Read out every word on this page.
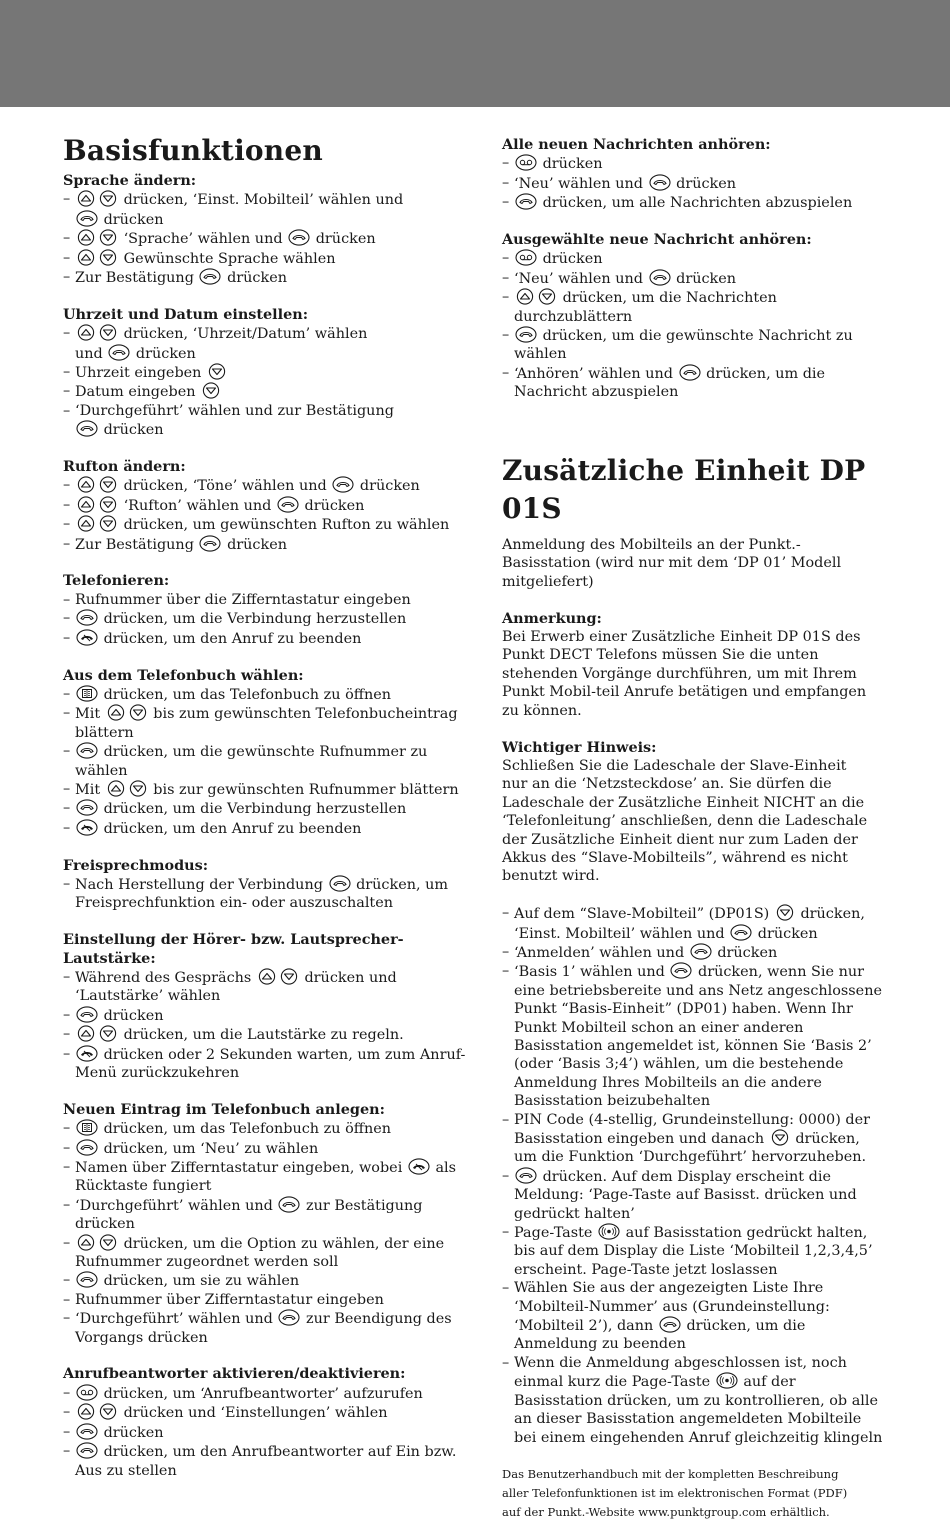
Basisfunktionen
Sprache ändern:
–	drücken, ‘Einst. Mobilteil’ wählen und
drücken
–	‘Sprache’ wählen und drücken
–	Gewünschte Sprache wählen
– Zur Bestätigung drücken
Uhrzeit und Datum einstellen:
–	drücken, ‘Uhrzeit/Datum’ wählen
und drücken
– Uhrzeit eingeben
– Datum eingeben
– ‘Durchgeführt’ wählen und zur Bestätigung
drücken
Rufton ändern:
–	drücken, ‘Töne’ wählen und drücken
–	‘Rufton’ wählen und drücken
–	drücken, um gewünschten Rufton zu wählen
– Zur Bestätigung drücken
Telefonieren:
– Rufnummer über die Zifferntastatur eingeben
– drücken, um die Verbindung herzustellen
– drücken, um den Anruf zu beenden
Aus dem Telefonbuch wählen:
– drücken, um das Telefonbuch zu öffnen
– Mit	bis zum gewünschten Telefonbucheintrag
blättern
– drücken, um die gewünschte Rufnummer zu
wählen
– Mit	bis zur gewünschten Rufnummer blättern
– drücken, um die Verbindung herzustellen
– drücken, um den Anruf zu beenden
Freisprechmodus:
– Nach Herstellung der Verbindung drücken, um
Freisprechfunktion ein- oder auszuschalten
Einstellung der Hörer- bzw. Lautsprecher-
Lautstärke:
– Während des Gesprächs	drücken und
‘Lautstärke’ wählen
– drücken
–	drücken, um die Lautstärke zu regeln.
– drücken oder 2 Sekunden warten, um zum Anruf-
Menü zurückzukehren
Neuen Eintrag im Telefonbuch anlegen:
– drücken, um das Telefonbuch zu öffnen
– drücken, um ‘Neu’ zu wählen
– Namen über Zifferntastatur eingeben, wobei als
Rücktaste fungiert
– ‘Durchgeführt’ wählen und zur Bestätigung
drücken
–	drücken, um die Option zu wählen, der eine
Rufnummer zugeordnet werden soll
– drücken, um sie zu wählen
– Rufnummer über Zifferntastatur eingeben
– ‘Durchgeführt’ wählen und zur Beendigung des
Vorgangs drücken
Anrufbeantworter aktivieren/deaktivieren:
– drücken, um ‘Anrufbeantworter’ aufzurufen
–	drücken und ‘Einstellungen’ wählen
– drücken
– drücken, um den Anrufbeantworter auf Ein bzw.
Aus zu stellen
Alle neuen Nachrichten anhören:
– drücken
– ‘Neu’ wählen und drücken
– drücken, um alle Nachrichten abzuspielen
Ausgewählte neue Nachricht anhören:
– drücken
– ‘Neu’ wählen und drücken
–	drücken, um die Nachrichten
durchzublättern
– drücken, um die gewünschte Nachricht zu
wählen
– ‘Anhören’ wählen und drücken, um die
Nachricht abzuspielen
Zusätzliche Einheit DP 01S
Anmeldung des Mobilteils an der Punkt.-
Basisstation (wird nur mit dem ‘DP 01’ Modell
mitgeliefert)
Anmerkung:
Bei Erwerb einer Zusätzliche Einheit DP 01S des
Punkt DECT Telefons müssen Sie die unten
stehenden Vorgänge durchführen, um mit Ihrem
Punkt Mobil-teil Anrufe betätigen und empfangen
zu können.
Wichtiger Hinweis:
Schließen Sie die Ladeschale der Slave-Einheit
nur an die ‘Netzsteckdose’ an. Sie dürfen die
Ladeschale der Zusätzliche Einheit NICHT an die
‘Telefonleitung’ anschließen, denn die Ladeschale
der Zusätzliche Einheit dient nur zum Laden der
Akkus des “Slave-Mobilteils”, während es nicht
benutzt wird.
– Auf dem “Slave-Mobilteil” (DP01S) drücken,
‘Einst. Mobilteil’ wählen und drücken
– ‘Anmelden’ wählen und drücken
– ‘Basis 1’ wählen und drücken, wenn Sie nur
eine betriebsbereite und ans Netz angeschlossene
Punkt “Basis-Einheit” (DP01) haben. Wenn Ihr
Punkt Mobilteil schon an einer anderen
Basisstation angemeldet ist, können Sie ‘Basis 2’
(oder ‘Basis 3;4’) wählen, um die bestehende
Anmeldung Ihres Mobilteils an die andere
Basisstation beizubehalten
– PIN Code (4-stellig, Grundeinstellung: 0000) der
Basisstation eingeben und danach drücken,
um die Funktion ‘Durchgeführt’ hervorzuheben.
– drücken. Auf dem Display erscheint die
Meldung: ‘Page-Taste auf Basisst. drücken und
gedrückt halten’
– Page-Taste auf Basisstation gedrückt halten,
bis auf dem Display die Liste ‘Mobilteil 1,2,3,4,5’
erscheint. Page-Taste jetzt loslassen
– Wählen Sie aus der angezeigten Liste Ihre
‘Mobilteil-Nummer’ aus (Grundeinstellung:
‘Mobilteil 2’), dann drücken, um die
Anmeldung zu beenden
– Wenn die Anmeldung abgeschlossen ist, noch
einmal kurz die Page-Taste auf der
Basisstation drücken, um zu kontrollieren, ob alle
an dieser Basisstation angemeldeten Mobilteile
bei einem eingehenden Anruf gleichzeitig klingeln
Das Benutzerhandbuch mit der kompletten Beschreibung
aller Telefonfunktionen ist im elektronischen Format (PDF)
auf der Punkt.-Website www.punktgroup.com erhältlich.
